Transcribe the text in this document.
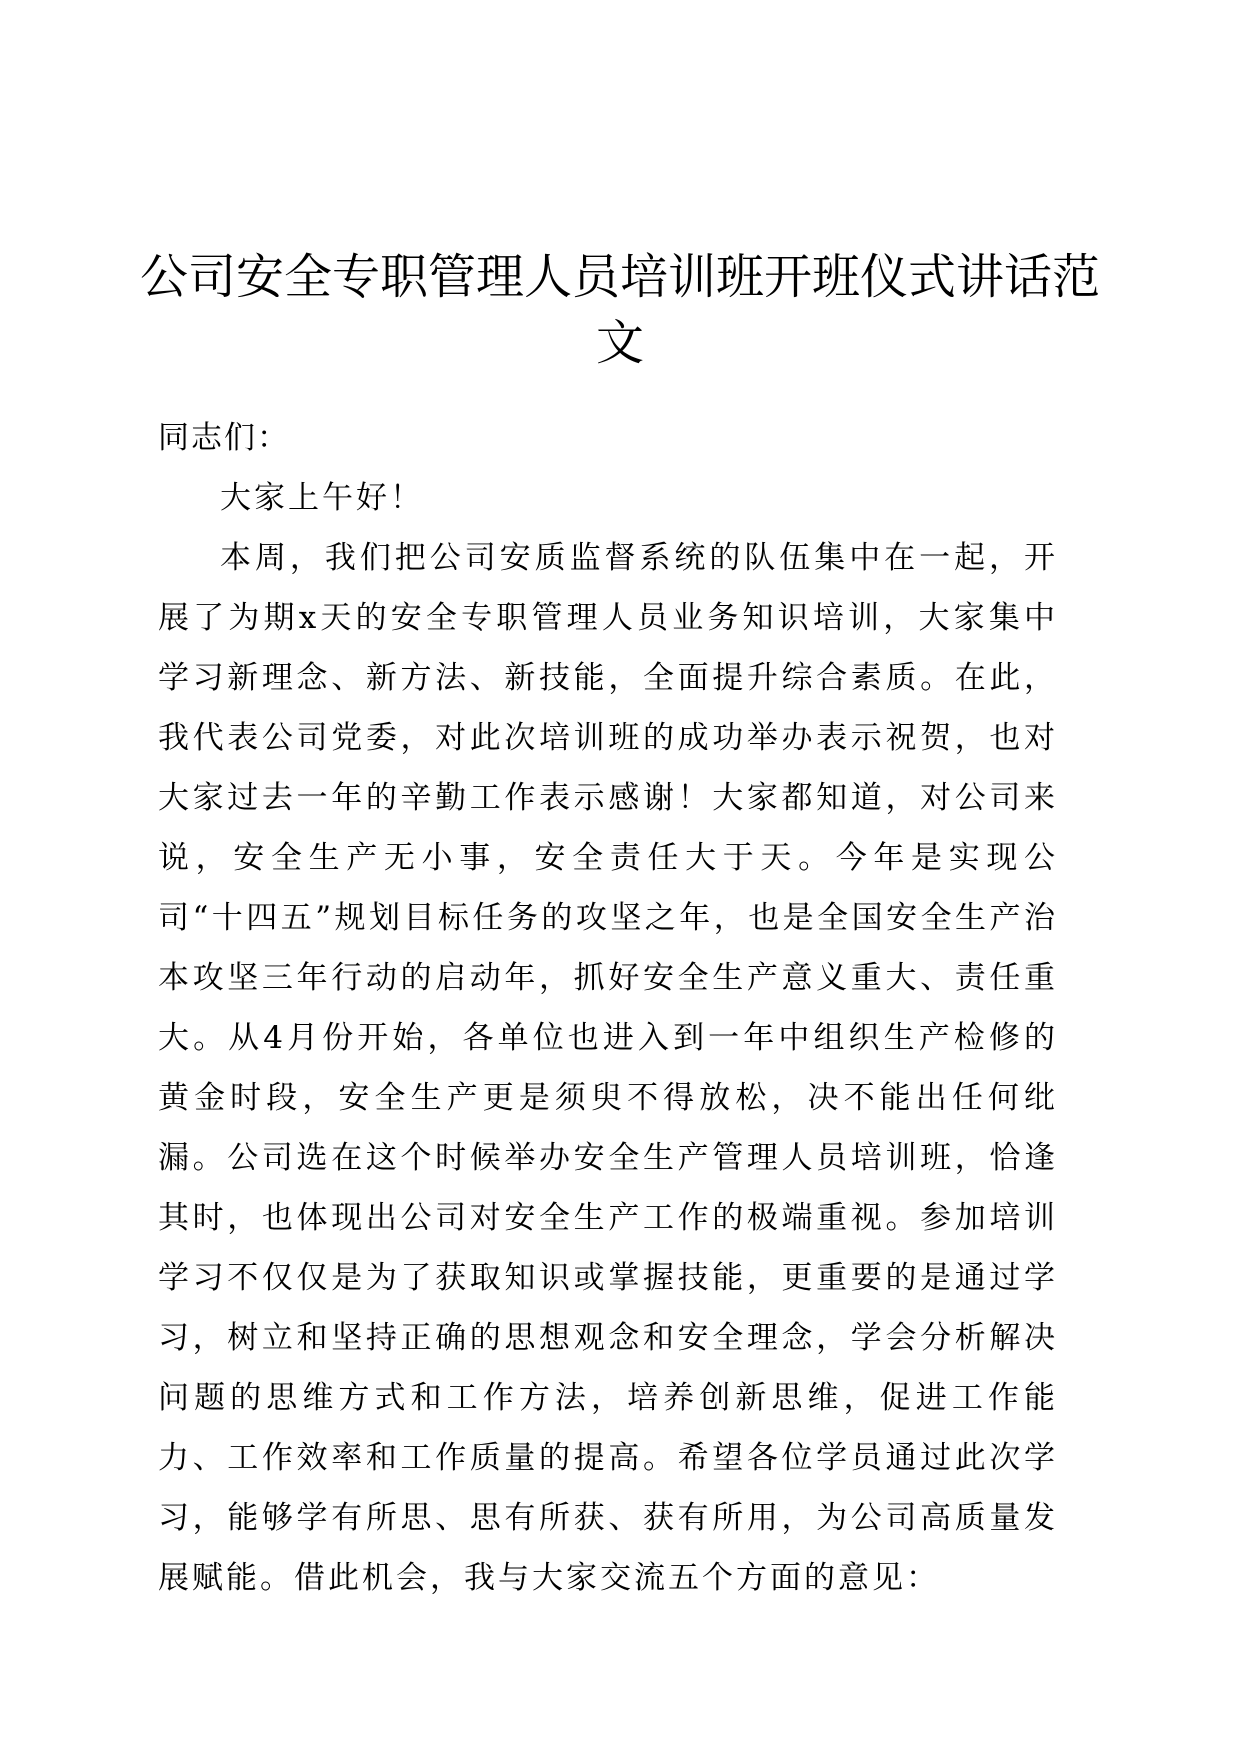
公司安全专职管理人员培训班开班仪式讲话范文

同志们：

大家上午好！

本周，我们把公司安质监督系统的队伍集中在一起，开展了为期x天的安全专职管理人员业务知识培训，大家集中学习新理念、新方法、新技能，全面提升综合素质。在此，我代表公司党委，对此次培训班的成功举办表示祝贺，也对大家过去一年的辛勤工作表示感谢！大家都知道，对公司来说，安全生产无小事，安全责任大于天。今年是实现公司“十四五”规划目标任务的攻坚之年，也是全国安全生产治本攻坚三年行动的启动年，抓好安全生产意义重大、责任重大。从4月份开始，各单位也进入到一年中组织生产检修的黄金时段，安全生产更是须臾不得放松，决不能出任何纰漏。公司选在这个时候举办安全生产管理人员培训班，恰逢其时，也体现出公司对安全生产工作的极端重视。参加培训学习不仅仅是为了获取知识或掌握技能，更重要的是通过学习，树立和坚持正确的思想观念和安全理念，学会分析解决问题的思维方式和工作方法，培养创新思维，促进工作能力、工作效率和工作质量的提高。希望各位学员通过此次学习，能够学有所思、思有所获、获有所用，为公司高质量发展赋能。借此机会，我与大家交流五个方面的意见：
